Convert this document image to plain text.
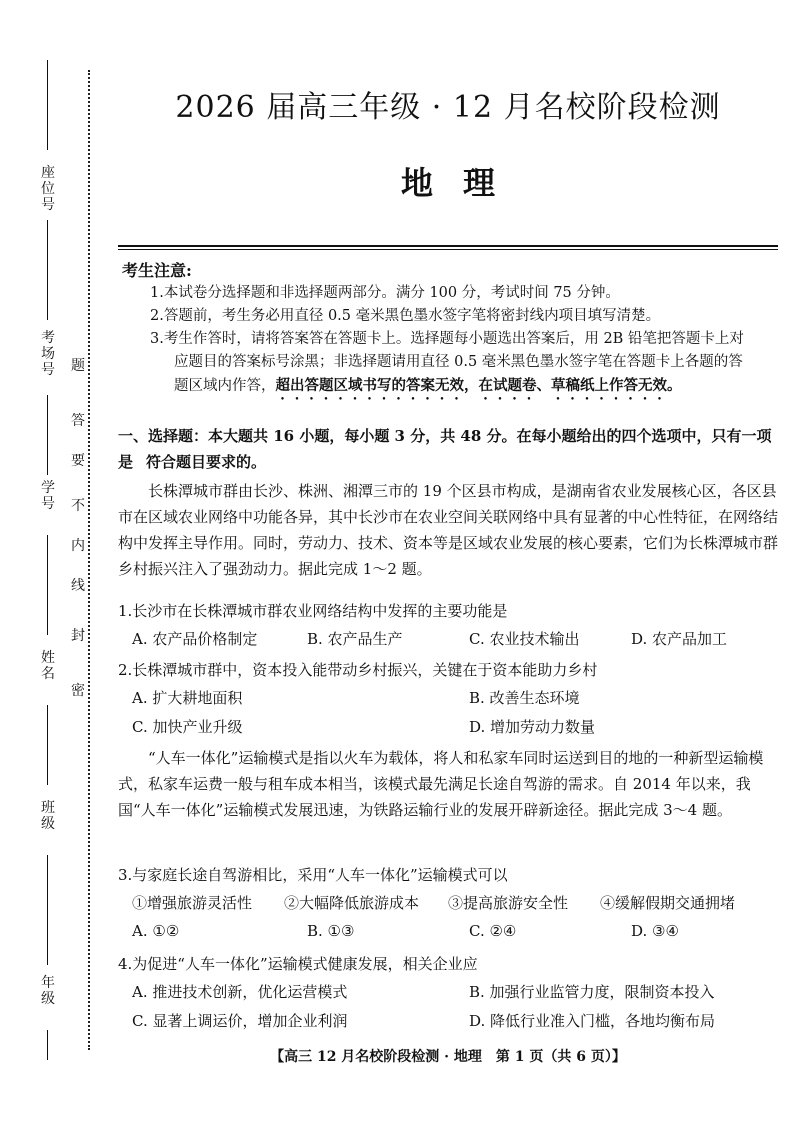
座位号
考场号
学　号
姓　名
班　级
年　级
密
封
线
内
不
要
答
题
2026 届高三年级 · 12 月名校阶段检测
地理
考生注意:
1.本试卷分选择题和非选择题两部分。满分 100 分，考试时间 75 分钟。
2.答题前，考生务必用直径 0.5 毫米黑色墨水签字笔将密封线内项目填写清楚。
3.考生作答时，请将答案答在答题卡上。选择题每小题选出答案后，用 2B 铅笔把答题卡上对
应题目的答案标号涂黑；非选择题请用直径 0.5 毫米黑色墨水签字笔在答题卡上各题的答
题区域内作答，超出答题区域书写的答案无效，在试题卷、草稿纸上作答无效。
一、选择题：本大题共 16 小题，每小题 3 分，共 48 分。在每小题给出的四个选项中，只有一项是 符合题目要求的。
长株潭城市群由长沙、株洲、湘潭三市的 19 个区县市构成，是湖南省农业发展核心区，各区县市在区域农业网络中功能各异，其中长沙市在农业空间关联网络中具有显著的中心性特征，在网络结构中发挥主导作用。同时，劳动力、技术、资本等是区域农业发展的核心要素，它们为长株潭城市群乡村振兴注入了强劲动力。据此完成 1～2 题。
1.长沙市在长株潭城市群农业网络结构中发挥的主要功能是
A. 农产品价格制定	B. 农产品生产	C. 农业技术输出	D. 农产品加工
2.长株潭城市群中，资本投入能带动乡村振兴，关键在于资本能助力乡村
A. 扩大耕地面积	B. 改善生态环境
C. 加快产业升级	D. 增加劳动力数量
“人车一体化”运输模式是指以火车为载体，将人和私家车同时运送到目的地的一种新型运输模式，私家车运费一般与租车成本相当，该模式最先满足长途自驾游的需求。自 2014 年以来，我国“人车一体化”运输模式发展迅速，为铁路运输行业的发展开辟新途径。据此完成 3～4 题。
3.与家庭长途自驾游相比，采用“人车一体化”运输模式可以
①增强旅游灵活性	②大幅降低旅游成本	③提高旅游安全性	④缓解假期交通拥堵
A. ①②	B. ①③	C. ②④	D. ③④
4.为促进“人车一体化”运输模式健康发展，相关企业应
A. 推进技术创新，优化运营模式	B. 加强行业监管力度，限制资本投入
C. 显著上调运价，增加企业利润	D. 降低行业准入门槛，各地均衡布局
【高三 12 月名校阶段检测 · 地理　第 1 页（共 6 页）】
